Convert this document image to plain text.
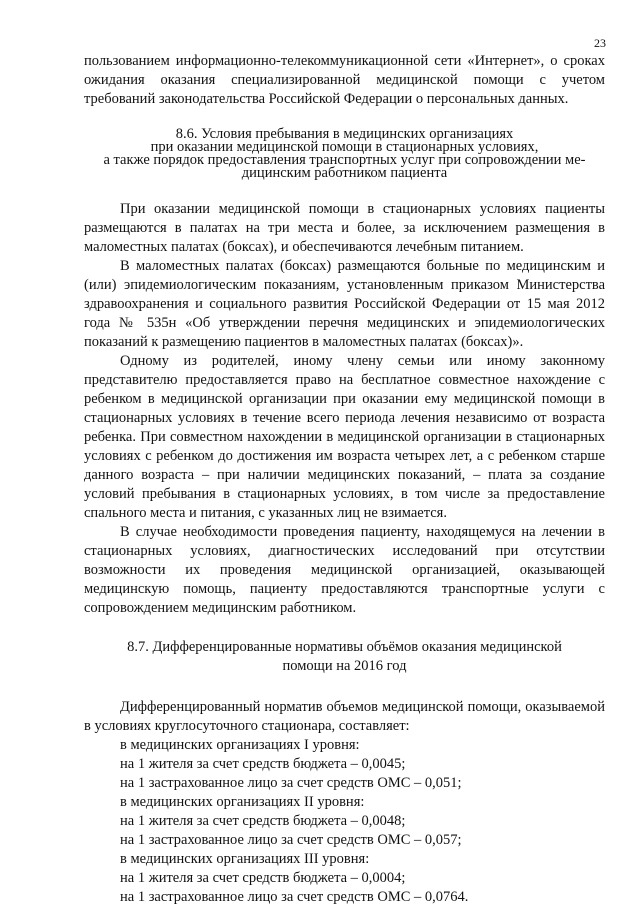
23

пользованием информационно-телекоммуникационной сети «Интернет», о сроках ожидания оказания специализированной медицинской помощи с учетом требований законодательства Российской Федерации о персональных данных.

8.6. Условия пребывания в медицинских организациях

при оказании медицинской помощи в стационарных условиях,

а также порядок предоставления транспортных услуг при сопровождении ме-

дицинским работником пациента

При оказании медицинской помощи в стационарных условиях пациенты размещаются в палатах на три места и более, за исключением размещения в маломестных палатах (боксах), и обеспечиваются лечебным питанием.

В маломестных палатах (боксах) размещаются больные по медицинским и (или) эпидемиологическим показаниям, установленным приказом Министерства здравоохранения и социального развития Российской Федерации от 15 мая 2012 года № 535н «Об утверждении перечня медицинских и эпидемиологических показаний к размещению пациентов в маломестных палатах (боксах)».

Одному из родителей, иному члену семьи или иному законному представителю предоставляется право на бесплатное совместное нахождение с ребенком в медицинской организации при оказании ему медицинской помощи в стационарных условиях в течение всего периода лечения независимо от возраста ребенка. При совместном нахождении в медицинской организации в стационарных условиях с ребенком до достижения им возраста четырех лет, а с ребенком старше данного возраста – при наличии медицинских показаний, – плата за создание условий пребывания в стационарных условиях, в том числе за предоставление спального места и питания, с указанных лиц не взимается.

В случае необходимости проведения пациенту, находящемуся на лечении в стационарных условиях, диагностических исследований при отсутствии возможности их проведения медицинской организацией, оказывающей медицинскую помощь, пациенту предоставляются транспортные услуги с сопровождением медицинским работником.

8.7. Дифференцированные нормативы объёмов оказания медицинской

помощи на 2016 год

Дифференцированный норматив объемов медицинской помощи, оказываемой в условиях круглосуточного стационара, составляет:

в медицинских организациях I уровня:

на 1 жителя за счет средств бюджета – 0,0045;

на 1 застрахованное лицо за счет средств ОМС – 0,051;

в медицинских организациях II уровня:

на 1 жителя за счет средств бюджета – 0,0048;

на 1 застрахованное лицо за счет средств ОМС – 0,057;

в медицинских организациях III уровня:

на 1 жителя за счет средств бюджета – 0,0004;

на 1 застрахованное лицо за счет средств ОМС – 0,0764.
